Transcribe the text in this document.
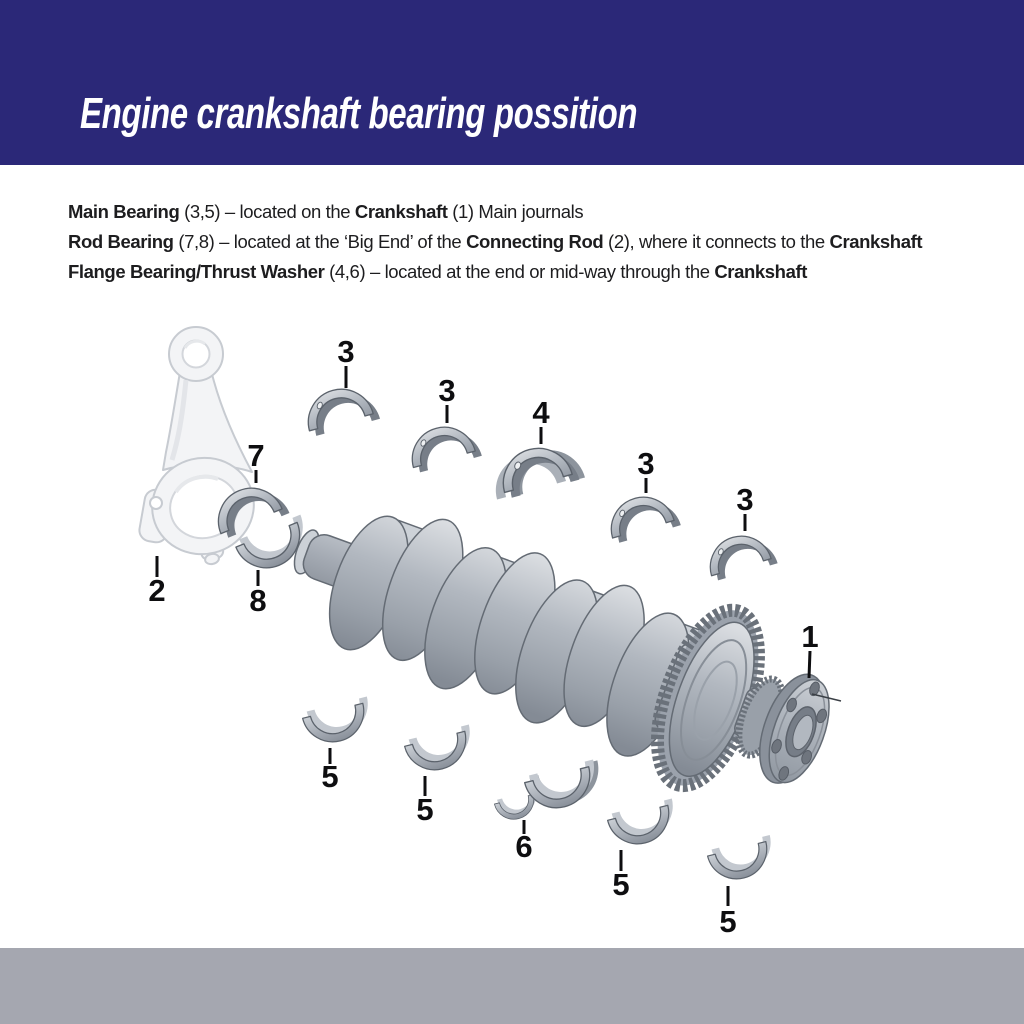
Engine crankshaft bearing possition

Main Bearing (3,5) – located on the Crankshaft (1) Main journals

Rod Bearing (7,8) – located at the ‘Big End’ of the Connecting Rod (2), where it connects to the Crankshaft

Flange Bearing/Thrust Washer (4,6) – located at the end or mid-way through the Crankshaft

2
7
8
3
3
4
3
3
1
5
5
6
5
5
